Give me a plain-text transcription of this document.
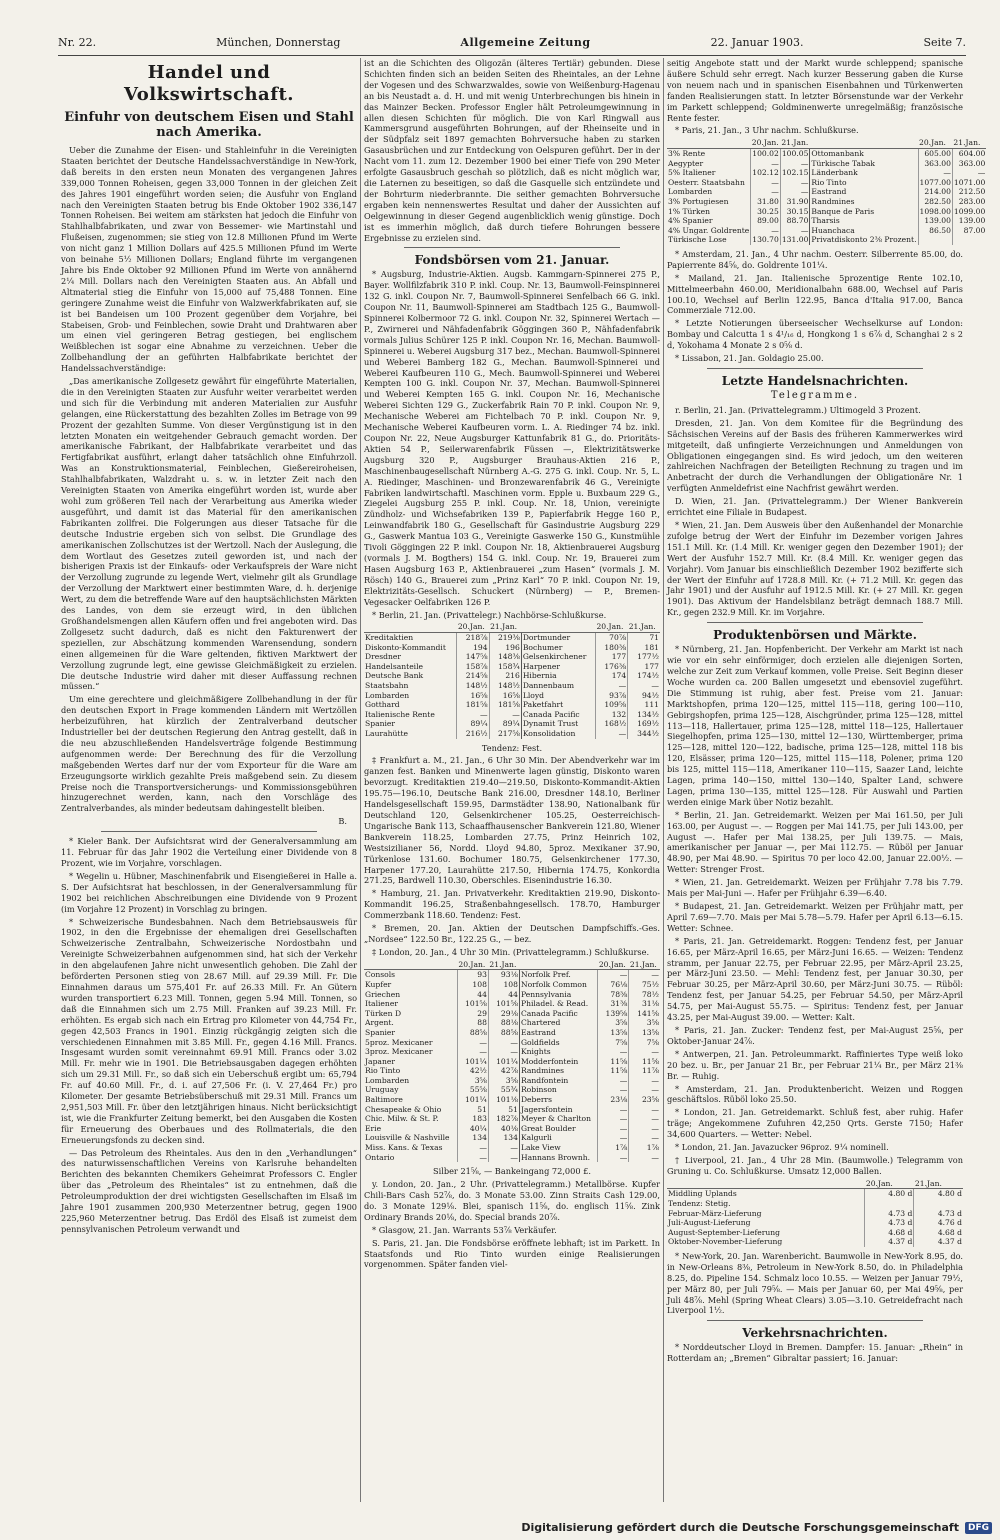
Nr. 22.	München, Donnerstag	Allgemeine Zeitung	22. Januar 1903.	Seite 7.
Handel und Volkswirtschaft.
Einfuhr von deutschem Eisen und Stahl nach Amerika.

Ueber die Zunahme der Eisen- und Stahleinfuhr in die Vereinigten Staaten berichtet der Deutsche Handelssachverständige in New-York, daß bereits in den ersten neun Monaten des vergangenen Jahres 339,000 Tonnen Roheisen, gegen 33,000 Tonnen in der gleichen Zeit des Jahres 1901 eingeführt worden seien; die Ausfuhr von England nach den Vereinigten Staaten betrug bis Ende Oktober 1902 336,147 Tonnen Roheisen. Bei weitem am stärksten hat jedoch die Einfuhr von Stahlhalbfabrikaten, und zwar von Bessemer- wie Martinstahl und Flußeisen, zugenommen; sie stieg von 12.8 Millionen Pfund im Werte von nicht ganz 1 Million Dollars auf 425.5 Millionen Pfund im Werte von beinahe 5½ Millionen Dollars; England führte im vergangenen Jahre bis Ende Oktober 92 Millionen Pfund im Werte von annähernd 2¼ Mill. Dollars nach den Vereinigten Staaten aus. An Abfall und Altmaterial stieg die Einfuhr von 15,000 auf 75,488 Tonnen. Eine geringere Zunahme weist die Einfuhr von Walzwerkfabrikaten auf, sie ist bei Bandeisen um 100 Prozent gegenüber dem Vorjahre, bei Stabeisen, Grob- und Feinblechen, sowie Draht und Drahtwaren aber um einen viel geringeren Betrag gestiegen, bei englischem Weißblechen ist sogar eine Abnahme zu verzeichnen. Ueber die Zollbehandlung der an geführten Halbfabrikate berichtet der Handelssachverständige:

„Das amerikanische Zollgesetz gewährt für eingeführte Materialien, die in den Vereinigten Staaten zur Ausfuhr weiter verarbeitet werden und sich für die Verbindung mit anderen Materialien zur Ausfuhr gelangen, eine Rückerstattung des bezahlten Zolles im Betrage von 99 Prozent der gezahlten Summe. Von dieser Vergünstigung ist in den letzten Monaten ein weitgehender Gebrauch gemacht worden. Der amerikanische Fabrikant, der Halbfabrikate verarbeitet und das Fertigfabrikat ausführt, erlangt daher tatsächlich ohne Einfuhrzoll. Was an Konstruktionsmaterial, Feinblechen, Gießereiroheisen, Stahlhalbfabrikaten, Walzdraht u. s. w. in letzter Zeit nach den Vereinigten Staaten von Amerika eingeführt worden ist, wurde aber wohl zum größeren Teil nach der Verarbeitung aus Amerika wieder ausgeführt, und damit ist das Material für den amerikanischen Fabrikanten zollfrei. Die Folgerungen aus dieser Tatsache für die deutsche Industrie ergeben sich von selbst. Die Grundlage des amerikanischen Zollschutzes ist der Wertzoll. Nach der Auslegung, die dem Wortlaut des Gesetzes zuteil geworden ist, und nach der bisherigen Praxis ist der Einkaufs- oder Verkaufspreis der Ware nicht der Verzollung zugrunde zu legende Wert, vielmehr gilt als Grundlage der Verzollung der Marktwert einer bestimmten Ware, d. h. derjenige Wert, zu dem die betreffende Ware auf den hauptsächlichsten Märkten des Landes, von dem sie erzeugt wird, in den üblichen Großhandelsmengen allen Käufern offen und frei angeboten wird. Das Zollgesetz sucht dadurch, daß es nicht den Fakturenwert der speziellen, zur Abschätzung kommenden Warensendung, sondern einen allgemeinen für die Ware geltenden, fiktiven Marktwert der Verzollung zugrunde legt, eine gewisse Gleichmäßigkeit zu erzielen. Die deutsche Industrie wird daher mit dieser Auffassung rechnen müssen.“

Um eine gerechtere und gleichmäßigere Zollbehandlung in der für den deutschen Export in Frage kommenden Ländern mit Wertzöllen herbeizuführen, hat kürzlich der Zentralverband deutscher Industrieller bei der deutschen Regierung den Antrag gestellt, daß in die neu abzuschließenden Handelsverträge folgende Bestimmung aufgenommen werde: Der Berechnung des für die Verzollung maßgebenden Wertes darf nur der vom Exporteur für die Ware am Erzeugungsorte wirklich gezahlte Preis maßgebend sein. Zu diesem Preise noch die Transportversicherungs- und Kommissionsgebühren hinzugerechnet werden, kann, nach den Vorschläge des Zentralverbandes, als minder bedeutsam dahingestellt bleiben.

B.

* Kieler Bank. Der Aufsichtsrat wird der Generalversammlung am 11. Februar für das Jahr 1902 die Verteilung einer Dividende von 8 Prozent, wie im Vorjahre, vorschlagen.

* Wegelin u. Hübner, Maschinenfabrik und Eisengießerei in Halle a. S. Der Aufsichtsrat hat beschlossen, in der Generalversammlung für 1902 bei reichlichen Abschreibungen eine Dividende von 9 Prozent (im Vorjahre 12 Prozent) in Vorschlag zu bringen.

* Schweizerische Bundesbahnen. Nach dem Betriebsausweis für 1902, in den die Ergebnisse der ehemaligen drei Gesellschaften Schweizerische Zentralbahn, Schweizerische Nordostbahn und Vereinigte Schweizerbahnen aufgenommen sind, hat sich der Verkehr in den abgelaufenen Jahre nicht unwesentlich gehoben. Die Zahl der beförderten Personen stieg von 28.67 Mill. auf 29.39 Mill. Fr. Die Einnahmen daraus um 575,401 Fr. auf 26.33 Mill. Fr. An Gütern wurden transportiert 6.23 Mill. Tonnen, gegen 5.94 Mill. Tonnen, so daß die Einnahmen sich um 2.75 Mill. Franken auf 39.23 Mill. Fr. erhöhten. Es ergab sich nach ein Ertrag pro Kilometer von 44,754 Fr., gegen 42,503 Francs in 1901. Einzig rückgängig zeigten sich die verschiedenen Einnahmen mit 3.85 Mill. Fr., gegen 4.16 Mill. Francs. Insgesamt wurden somit vereinnahmt 69.91 Mill. Francs oder 3.02 Mill. Fr. mehr wie in 1901. Die Betriebsausgaben dagegen erhöhten sich um 29.31 Mill. Fr., so daß sich ein Ueberschuß ergibt um: 65,794 Fr. auf 40.60 Mill. Fr., d. i. auf 27,506 Fr. (i. V. 27,464 Fr.) pro Kilometer. Der gesamte Betriebsüberschuß mit 29.31 Mill. Francs um 2,951,503 Mill. Fr. über den letztjährigen hinaus. Nicht berücksichtigt ist, wie die Frankfurter Zeitung bemerkt, bei den Ausgaben die Kosten für Erneuerung des Oberbaues und des Rollmaterials, die den Erneuerungsfonds zu decken sind.

— Das Petroleum des Rheintales. Aus den in den „Verhandlungen“ des naturwissenschaftlichen Vereins von Karlsruhe behandelten Berichten des bekannten Chemikers Geheimrat Professors C. Engler über das „Petroleum des Rheintales“ ist zu entnehmen, daß die Petroleumproduktion der drei wichtigsten Gesellschaften im Elsaß im Jahre 1901 zusammen 200,930 Meterzentner betrug, gegen 1900 225,960 Meterzentner betrug. Das Erdöl des Elsaß ist zumeist dem pennsylvanischen Petroleum verwandt und

ist an die Schichten des Oligozän (älteres Tertiär) gebunden. Diese Schichten finden sich an beiden Seiten des Rheintales, an der Lehne der Vogesen und des Schwarzwaldes, sowie von Weißenburg-Hagenau an bis Neustadt a. d. H. und mit wenig Unterbrechungen bis hinein in das Mainzer Becken. Professor Engler hält Petroleumgewinnung in allen diesen Schichten für möglich. Die von Karl Ringwall aus Kammersgrund ausgeführten Bohrungen, auf der Rheinseite und in der Südpfalz seit 1897 gemachten Bohrversuche haben zu starken Gasausbrüchen und zur Entdeckung von Oelspuren geführt. Der in der Nacht vom 11. zum 12. Dezember 1900 bei einer Tiefe von 290 Meter erfolgte Gasausbruch geschah so plötzlich, daß es nicht möglich war, die Laternen zu beseitigen, so daß die Gasquelle sich entzündete und der Bohrturm niederbrannte. Die seither gemachten Bohrversuche ergaben kein nennenswertes Resultat und daher der Aussichten auf Oelgewinnung in dieser Gegend augenblicklich wenig günstige. Doch ist es immerhin möglich, daß durch tiefere Bohrungen bessere Ergebnisse zu erzielen sind.

Fondsbörsen vom 21. Januar.

* Augsburg, Industrie-Aktien. Augsb. Kammgarn-Spinnerei 275 P., Bayer. Wollfilzfabrik 310 P. inkl. Coup. Nr. 13, Baumwoll-Feinspinnerei 132 G. inkl. Coupon Nr. 7, Baumwoll-Spinnerei Senfelbach 66 G. inkl. Coupon Nr. 11, Baumwoll-Spinnerei am Stadtbach 125 G., Baumwoll-Spinnerei Kolbermoor 72 G. inkl. Coupon Nr. 32, Spinnerei Wertach — P., Zwirnerei und Nähfadenfabrik Göggingen 360 P., Nähfadenfabrik vormals Julius Schürer 125 P. inkl. Coupon Nr. 16, Mechan. Baumwoll-Spinnerei u. Weberei Augsburg 317 bez., Mechan. Baumwoll-Spinnerei und Weberei Bamberg 182 G., Mechan. Baumwoll-Spinnerei und Weberei Kaufbeuren 110 G., Mech. Baumwoll-Spinnerei und Weberei Kempten 100 G. inkl. Coupon Nr. 37, Mechan. Baumwoll-Spinnerei und Weberei Kempten 165 G. inkl. Coupon Nr. 16, Mechanische Weberei Sichten 129 G., Zuckerfabrik Rain 70 P. inkl. Coupon Nr. 9, Mechanische Weberei am Fichtelbach 70 P. inkl. Coupon Nr. 9, Mechanische Weberei Kaufbeuren vorm. L. A. Riedinger 74 bz. inkl. Coupon Nr. 22, Neue Augsburger Kattunfabrik 81 G., do. Prioritäts-Aktien 54 P., Seilerwarenfabrik Füssen —, Elektrizitätswerke Augsburg 320 P., Augsburger Brauhaus-Aktien 216 P., Maschinenbaugesellschaft Nürnberg A.-G. 275 G. inkl. Coup. Nr. 5, L. A. Riedinger, Maschinen- und Bronzewarenfabrik 46 G., Vereinigte Fabriken landwirtschaftl. Maschinen vorm. Epple u. Buxbaum 229 G., Ziegelei Augsburg 255 P. inkl. Coup. Nr. 18, Union, vereinigte Zündholz- und Wichsefabriken 139 P., Papierfabrik Hegge 160 P., Leinwandfabrik 180 G., Gesellschaft für Gasindustrie Augsburg 229 G., Gaswerk Mantua 103 G., Vereinigte Gaswerke 150 G., Kunstmühle Tivoli Göggingen 22 P. inkl. Coupon Nr. 18, Aktienbrauerei Augsburg (vormals J. M. Bogthers) 154 G. inkl. Coup. Nr. 19, Brauerei zum Hasen Augsburg 163 P., Aktienbrauerei „zum Hasen“ (vormals J. M. Rösch) 140 G., Brauerei zum „Prinz Karl“ 70 P. inkl. Coupon Nr. 19, Elektrizitäts-Gesellsch. Schuckert (Nürnberg) — P., Bremen-Vegesacker Oelfabriken 126 P.

* Berlin, 21. Jan. (Privattelegr.) Nachbörse-Schlußkurse.

	20.Jan.	21.Jan.		20.Jan.	21.Jan.
Kreditaktien	218⅞	219⅜	Dortmunder	70⅞	71
Diskonto-Kommandit	194	196	Bochumer	180⅜	181
Dresdner	147⅝	148⅜	Gelsenkirchener	177	177½
Handelsanteile	158⅞	158¾	Harpener	176⅜	177
Deutsche Bank	214⅝	216	Hibernia	174	174½
Staatsbahn	148½	148½	Dannenbaum	—	—
Lombarden	16⅝	16⅝	Lloyd	93⅞	94½
Gotthard	181⅝	181⅝	Paketfahrt	109⅝	111
Italienische Rente	—	—	Canada Pacific	132	134½
Spanier	89¼	89¼	Dynamit Trust	168½	169½
Laurahütte	216½	217⅝	Konsolidation	—	344½

Tendenz: Fest.

‡ Frankfurt a. M., 21. Jan., 6 Uhr 30 Min. Der Abendverkehr war im ganzen fest. Banken und Minenwerte lagen günstig, Diskonto waren bevorzugt. Kreditaktien 219.40—219.50, Diskonto-Kommandit-Aktien 195.75—196.10, Deutsche Bank 216.00, Dresdner 148.10, Berliner Handelsgesellschaft 159.95, Darmstädter 138.90, Nationalbank für Deutschland 120, Gelsenkirchener 105.25, Oesterreichisch-Ungarische Bank 113, Schaaffhausenscher Bankverein 121.80, Wiener Bankverein 118.25, Lombarden 27.75, Prinz Heinrich 102, Westsizilianer 56, Nordd. Lloyd 94.80, 5proz. Mexikaner 37.90, Türkenlose 131.60. Bochumer 180.75, Gelsenkirchener 177.30, Harpener 177.20, Laurahütte 217.50, Hibernia 174.75, Konkordia 271.25, Bardwell 110.30, Oberschles. Eisenindustrie 16.30.

* Hamburg, 21. Jan. Privatverkehr. Kreditaktien 219.90, Diskonto-Kommandit 196.25, Straßenbahngesellsch. 178.70, Hamburger Commerzbank 118.60. Tendenz: Fest.

* Bremen, 20. Jan. Aktien der Deutschen Dampfschiffs.-Ges. „Nordsee“ 122.50 Br., 122.25 G., — bez.

‡ London, 20. Jan., 4 Uhr 30 Min. (Privattelegramm.) Schlußkurse.

	20.Jan.	21.Jan.		20.Jan.	21.Jan.
Consols	93	93⅛	Norfolk Pref.	—	—
Kupfer	108	108	Norfolk Common	76⅛	75½
Griechen	44	44	Pennsylvania	78⅜	78½
Italiener	101⅝	101⅝	Philadel. & Read.	31⅜	31⅛
Türken D	29	29⅛	Canada Pacific	139⅝	141⅝
Argent.	88	88⅛	Chartered	3⅝	3⅝
Spanier	88⅝	88⅝	Eastrand	13⅝	13⅝
5proz. Mexicaner	—	—	Goldfields	7⅝	7⅝
3proz. Mexicaner	—	—	Knights	—	—
Japaner	101¼	101¼	Modderfontein	11⅝	11⅝
Rio Tinto	42½	42⅞	Randmines	11⅝	11⅞
Lombarden	3⅝	3⅝	Randfontein	—	—
Uruguay	55⅝	55¾	Robinson	—	—
Baltimore	101¼	101⅛	Deberrs	23⅛	23⅝
Chesapeake & Ohio	51	51	Jagersfontein	—	—
Chic. Milw. & St. P.	183	182⅞	Meyer & Charlton	—	—
Erie	40¼	40⅛	Great Boulder	—	—
Louisville & Nashville	134	134	Kalgurli	—	—
Miss. Kans. & Texas	—	—	Lake View	1⅞	1⅞
Ontario	—	—	Hannans Brownh.	—	—

Silber 21⅝, — Bankeingang 72,000 £.

y. London, 20. Jan., 2 Uhr. (Privattelegramm.) Metallbörse. Kupfer Chili-Bars Cash 52⅞, do. 3 Monate 53.00. Zinn Straits Cash 129.00, do. 3 Monate 129⅛. Blei, spanisch 11⅝, do. englisch 11⅝. Zink Ordinary Brands 20⅛, do. Special brands 20⅞.

* Glasgow, 21. Jan. Warrants 53⅞ Verkäufer.

S. Paris, 21. Jan. Die Fondsbörse eröffnete lebhaft; ist im Parkett. In Staatsfonds und Rio Tinto wurden einige Realisierungen vorgenommen. Später fanden viel-

seitig Angebote statt und der Markt wurde schleppend; spanische äußere Schuld sehr erregt. Nach kurzer Besserung gaben die Kurse von neuem nach und in spanischen Eisenbahnen und Türkenwerten fanden Realisierungen statt. In letzter Börsenstunde war der Verkehr im Parkett schleppend; Goldminenwerte unregelmäßig; französische Rente fester.

* Paris, 21. Jan., 3 Uhr nachm. Schlußkurse.

	20.Jan.	21.Jan.		20.Jan.	21.Jan.
3% Rente	100.02	100.05	Ottomanbank	605.00	604.00
Aegypter	—	—	Türkische Tabak	363.00	363.00
5% Italiener	102.12	102.15	Länderbank	—	—
Oesterr. Staatsbahn	—	—	Rio Tinto	1077.00	1071.00
Lombarden	—	—	Eastrand	214.00	212.50
3% Portugiesen	31.80	31.90	Randmines	282.50	283.00
1% Türken	30.25	30.15	Banque de Paris	1098.00	1099.00
4% Spanier	89.00	88.70	Tharsis	139.00	139.00
4% Ungar. Goldrente	—	—	Huanchaca	86.50	87.00
Türkische Lose	130.70	131.00	Privatdiskonto 2⅜ Prozent.		

* Amsterdam, 21. Jan., 4 Uhr nachm. Oesterr. Silberrente 85.00, do. Papierrente 84⅝, do. Goldrente 101¼.

* Mailand, 21. Jan. Italienische 5prozentige Rente 102.10, Mittelmeerbahn 460.00, Meridionalbahn 688.00, Wechsel auf Paris 100.10, Wechsel auf Berlin 122.95, Banca d'Italia 917.00, Banca Commerziale 712.00.

* Letzte Notierungen überseeischer Wechselkurse auf London: Bombay und Calcutta 1 s 4¹/₁₆ d, Hongkong 1 s 6⅞ d, Schanghai 2 s 2 d, Yokohama 4 Monate 2 s 0⅝ d.

* Lissabon, 21. Jan. Goldagio 25.00.

Letzte Handelsnachrichten.
Telegramme.

r. Berlin, 21. Jan. (Privattelegramm.) Ultimogeld 3 Prozent.

Dresden, 21. Jan. Von dem Komitee für die Begründung des Sächsischen Vereins auf der Basis des früheren Kammerwerkes wird mitgeteilt, daß unfingierte Verzeichnungen und Anmeldungen von Obligationen eingegangen sind. Es wird jedoch, um den weiteren zahlreichen Nachfragen der Beteiligten Rechnung zu tragen und im Anbetracht der durch die Verhandlungen der Obligationäre Nr. 1 verfügten Anmeldefrist eine Nachfrist gewährt werden.

D. Wien, 21. Jan. (Privattelegramm.) Der Wiener Bankverein errichtet eine Filiale in Budapest.

* Wien, 21. Jan. Dem Ausweis über den Außenhandel der Monarchie zufolge betrug der Wert der Einfuhr im Dezember vorigen Jahres 151.1 Mill. Kr. (1.4 Mill. Kr. weniger gegen den Dezember 1901); der Wert der Ausfuhr 152.7 Mill. Kr. (8.4 Mill. Kr. weniger gegen das Vorjahr). Vom Januar bis einschließlich Dezember 1902 bezifferte sich der Wert der Einfuhr auf 1728.8 Mill. Kr. (+ 71.2 Mill. Kr. gegen das Jahr 1901) und der Ausfuhr auf 1912.5 Mill. Kr. (+ 27 Mill. Kr. gegen 1901). Das Aktivum der Handelsbilanz beträgt demnach 188.7 Mill. Kr., gegen 232.9 Mill. Kr. im Vorjahre.

Produktenbörsen und Märkte.

* Nürnberg, 21. Jan. Hopfenbericht. Der Verkehr am Markt ist nach wie vor ein sehr einförmiger, doch erzielen alle diejenigen Sorten, welche zur Zeit zum Verkauf kommen, volle Preise. Seit Beginn dieser Woche wurden ca. 200 Ballen umgesetzt und ebensoviel zugeführt. Die Stimmung ist ruhig, aber fest. Preise vom 21. Januar: Marktshopfen, prima 120—125, mittel 115—118, gering 100—110, Gebirgshopfen, prima 125—128, Aischgründer, prima 125—128, mittel 113—118, Hallertauer, prima 125—128, mittel 118—125, Hallertauer Siegelhopfen, prima 125—130, mittel 12—130, Württemberger, prima 125—128, mittel 120—122, badische, prima 125—128, mittel 118 bis 120, Elsässer, prima 120—125, mittel 115—118, Polener, prima 120 bis 125, mittel 115—118, Amerikaner 110—115, Saazer Land, leichte Lagen, prima 140—150, mittel 130—140, Spalter Land, schwere Lagen, prima 130—135, mittel 125—128. Für Auswahl und Partien werden einige Mark über Notiz bezahlt.

* Berlin, 21. Jan. Getreidemarkt. Weizen per Mai 161.50, per Juli 163.00, per August —. — Roggen per Mai 141.75, per Juli 143.00, per August —. Hafer per Mai 138.25, per Juli 139.75. — Mais, amerikanischer per Januar —, per Mai 112.75. — Rüböl per Januar 48.90, per Mai 48.90. — Spiritus 70 per loco 42.00, Januar 22.00½. — Wetter: Strenger Frost.

* Wien, 21. Jan. Getreidemarkt. Weizen per Frühjahr 7.78 bis 7.79. Mais per Mai-Juni —. Hafer per Frühjahr 6.39—6.40.

* Budapest, 21. Jan. Getreidemarkt. Weizen per Frühjahr matt, per April 7.69—7.70. Mais per Mai 5.78—5.79. Hafer per April 6.13—6.15. Wetter: Schnee.

* Paris, 21. Jan. Getreidemarkt. Roggen: Tendenz fest, per Januar 16.65, per März-April 16.65, per März-Juni 16.65. — Weizen: Tendenz stramm, per Januar 22.75, per Februar 22.95, per März-April 23.25, per März-Juni 23.50. — Mehl: Tendenz fest, per Januar 30.30, per Februar 30.25, per März-April 30.60, per März-Juni 30.75. — Rüböl: Tendenz fest, per Januar 54.25, per Februar 54.50, per März-April 54.75, per Mai-August 55.75. — Spiritus: Tendenz fest, per Januar 43.25, per Mai-August 39.00. — Wetter: Kalt.

* Paris, 21. Jan. Zucker: Tendenz fest, per Mai-August 25⅝, per Oktober-Januar 24⅞.

* Antwerpen, 21. Jan. Petroleummarkt. Raffiniertes Type weiß loko 20 bez. u. Br., per Januar 21 Br., per Februar 21¼ Br., per März 21⅜ Br. — Ruhig.

* Amsterdam, 21. Jan. Produktenbericht. Weizen und Roggen geschäftslos. Rüböl loko 25.50.

* London, 21. Jan. Getreidemarkt. Schluß fest, aber ruhig. Hafer träge; Angekommene Zufuhren 42,250 Qrts. Gerste 7150; Hafer 34,600 Quarters. — Wetter: Nebel.

* London, 21. Jan. Javazucker 96proz. 9¼ nominell.

† Liverpool, 21. Jan., 4 Uhr 28 Min. (Baumwolle.) Telegramm von Gruning u. Co. Schlußkurse. Umsatz 12,000 Ballen.

	20.Jan.	21.Jan.
Middling Uplands	4.80 d	4.80 d
Tendenz: Stetig.		
Februar-März-Lieferung	4.73 d	4.73 d
Juli-August-Lieferung	4.73 d	4.76 d
August-September-Lieferung	4.68 d	4.68 d
Oktober-November-Lieferung	4.37 d	4.37 d

* New-York, 20. Jan. Warenbericht. Baumwolle in New-York 8.95, do. in New-Orleans 8⅜, Petroleum in New-York 8.50, do. in Philadelphia 8.25, do. Pipeline 154. Schmalz loco 10.55. — Weizen per Januar 79½, per März 80, per Juli 79⅝. — Mais per Januar 60, per Mai 49⅝, per Juli 48⅞. Mehl (Spring Wheat Clears) 3.05—3.10. Getreidefracht nach Liverpool 1½.

Verkehrsnachrichten.

* Norddeutscher Lloyd in Bremen. Dampfer: 15. Januar: „Rhein“ in Rotterdam an; „Bremen“ Gibraltar passiert; 16. Januar:

Digitalisierung gefördert durch die Deutsche Forschungsgemeinschaft	DFG
